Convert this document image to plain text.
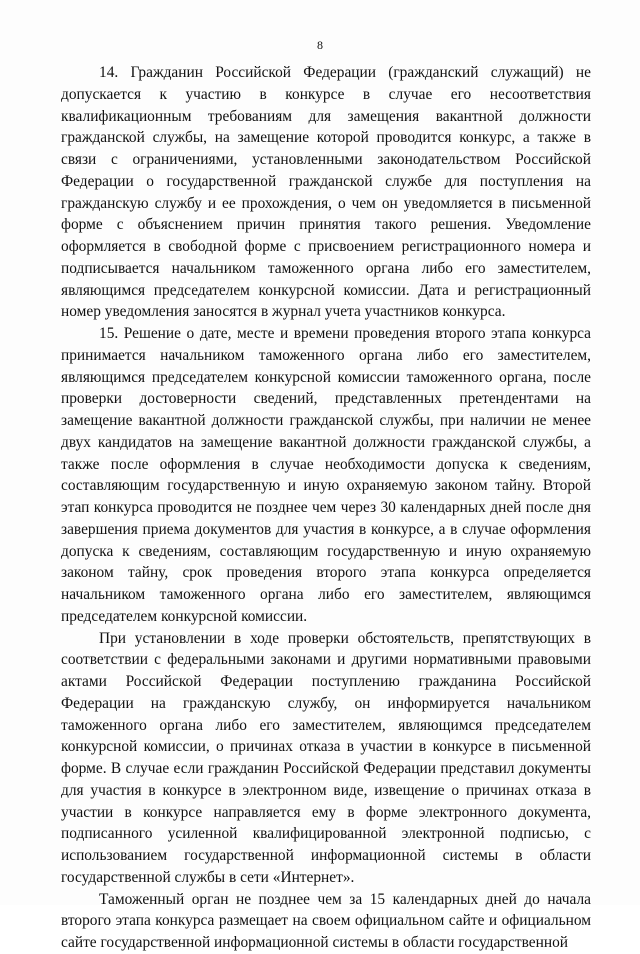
8

14. Гражданин Российской Федерации (гражданский служащий) не допускается к участию в конкурсе в случае его несоответствия квалификационным требованиям для замещения вакантной должности гражданской службы, на замещение которой проводится конкурс, а также в связи с ограничениями, установленными законодательством Российской Федерации о государственной гражданской службе для поступления на гражданскую службу и ее прохождения, о чем он уведомляется в письменной форме с объяснением причин принятия такого решения. Уведомление оформляется в свободной форме с присвоением регистрационного номера и подписывается начальником таможенного органа либо его заместителем, являющимся председателем конкурсной комиссии. Дата и регистрационный номер уведомления заносятся в журнал учета участников конкурса.

15. Решение о дате, месте и времени проведения второго этапа конкурса принимается начальником таможенного органа либо его заместителем, являющимся председателем конкурсной комиссии таможенного органа, после проверки достоверности сведений, представленных претендентами на замещение вакантной должности гражданской службы, при наличии не менее двух кандидатов на замещение вакантной должности гражданской службы, а также после оформления в случае необходимости допуска к сведениям, составляющим государственную и иную охраняемую законом тайну. Второй этап конкурса проводится не позднее чем через 30 календарных дней после дня завершения приема документов для участия в конкурсе, а в случае оформления допуска к сведениям, составляющим государственную и иную охраняемую законом тайну, срок проведения второго этапа конкурса определяется начальником таможенного органа либо его заместителем, являющимся председателем конкурсной комиссии.

При установлении в ходе проверки обстоятельств, препятствующих в соответствии с федеральными законами и другими нормативными правовыми актами Российской Федерации поступлению гражданина Российской Федерации на гражданскую службу, он информируется начальником таможенного органа либо его заместителем, являющимся председателем конкурсной комиссии, о причинах отказа в участии в конкурсе в письменной форме. В случае если гражданин Российской Федерации представил документы для участия в конкурсе в электронном виде, извещение о причинах отказа в участии в конкурсе направляется ему в форме электронного документа, подписанного усиленной квалифицированной электронной подписью, с использованием государственной информационной системы в области государственной службы в сети «Интернет».

Таможенный орган не позднее чем за 15 календарных дней до начала второго этапа конкурса размещает на своем официальном сайте и официальном сайте государственной информационной системы в области государственной
